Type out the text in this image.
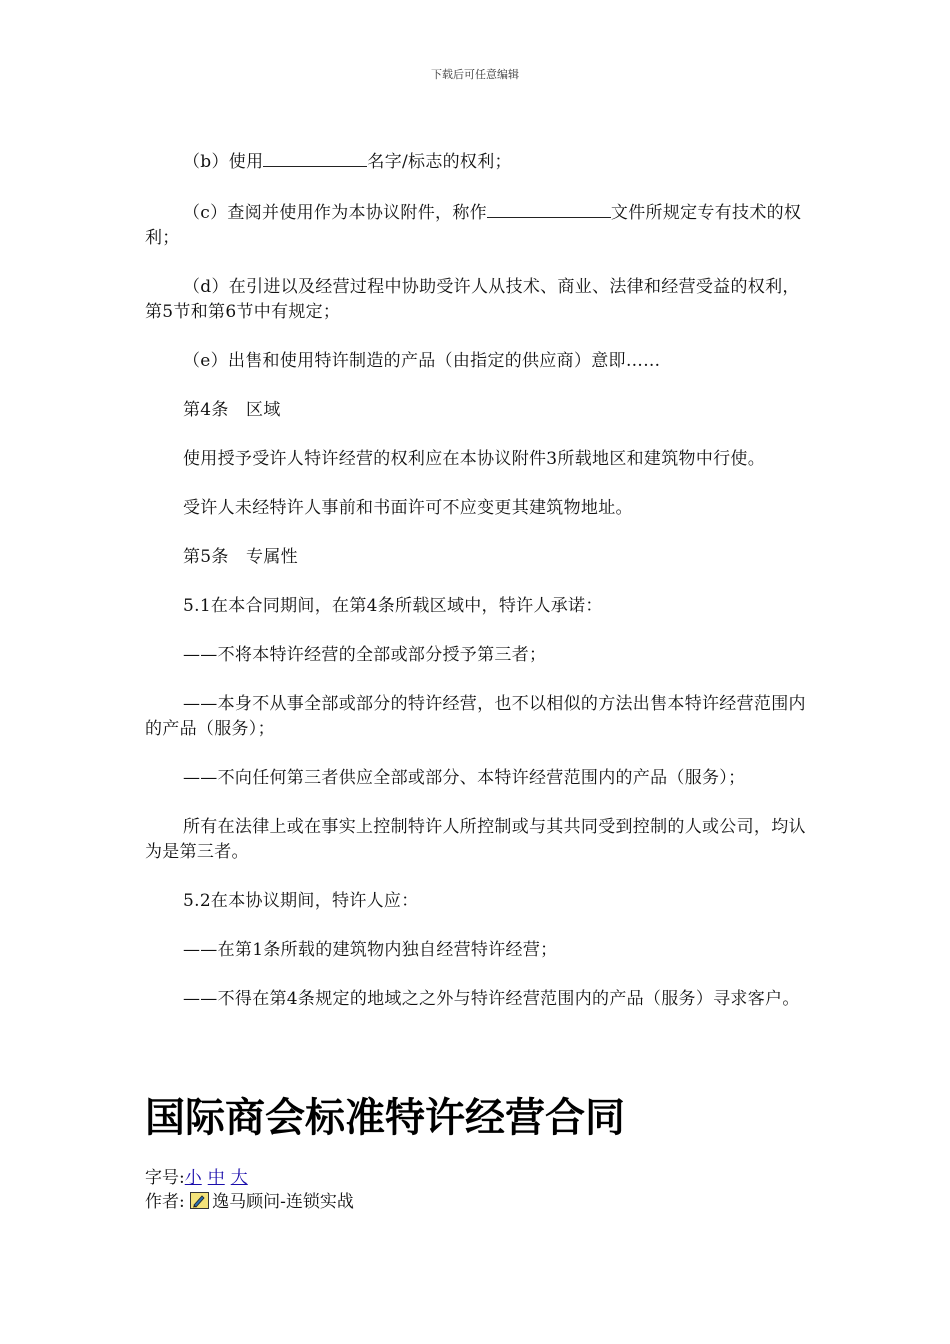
下载后可任意编辑

（b）使用	名字/标志的权利；

（c）查阅并使用作为本协议附件，称作	文件所规定专有技术的权利；

（d）在引进以及经营过程中协助受许人从技术、商业、法律和经营受益的权利，第5节和第6节中有规定；

（e）出售和使用特许制造的产品（由指定的供应商）意即……

第4条　区域

使用授予受许人特许经营的权利应在本协议附件3所载地区和建筑物中行使。

受许人未经特许人事前和书面许可不应变更其建筑物地址。

第5条　专属性

5.1在本合同期间，在第4条所载区域中，特许人承诺：

——不将本特许经营的全部或部分授予第三者；

——本身不从事全部或部分的特许经营，也不以相似的方法出售本特许经营范围内的产品（服务）；

——不向任何第三者供应全部或部分、本特许经营范围内的产品（服务）；

所有在法律上或在事实上控制特许人所控制或与其共同受到控制的人或公司，均认为是第三者。

5.2在本协议期间，特许人应：

——在第1条所载的建筑物内独自经营特许经营；

——不得在第4条规定的地域之之外与特许经营范围内的产品（服务）寻求客户。

国际商会标准特许经营合同
字号:小 中 大
作者: 逸马顾问-连锁实战
